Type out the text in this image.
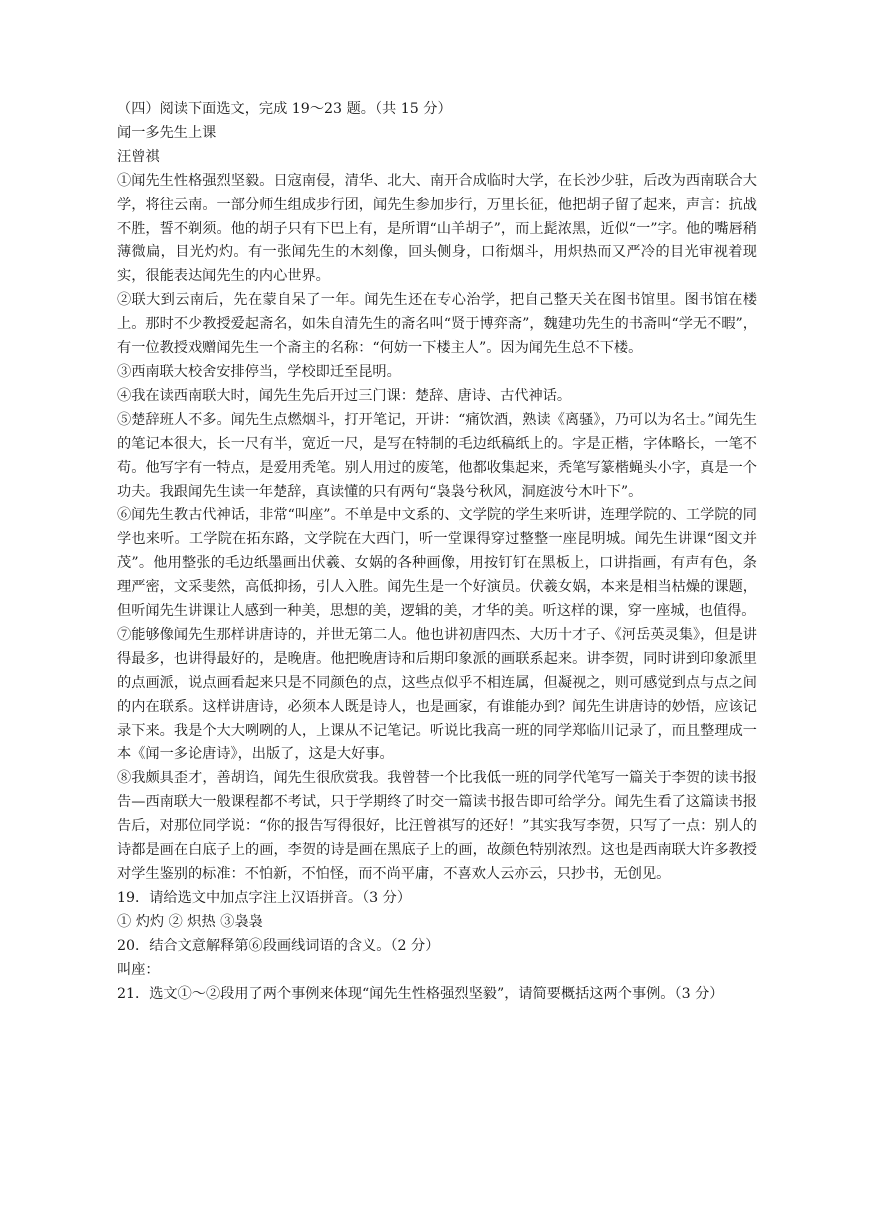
（四）阅读下面选文，完成 19～23 题。（共 15 分）

闻一多先生上课

汪曾祺

①闻先生性格强烈坚毅。日寇南侵，清华、北大、南开合成临时大学，在长沙少驻，后改为西南联合大学，将往云南。一部分师生组成步行团，闻先生参加步行，万里长征，他把胡子留了起来，声言：抗战不胜，誓不剃须。他的胡子只有下巴上有，是所谓“山羊胡子”，而上髭浓黑，近似“一”字。他的嘴唇稍薄微扁，目光灼灼。有一张闻先生的木刻像，回头侧身，口衔烟斗，用炽热而又严冷的目光审视着现实，很能表达闻先生的内心世界。

②联大到云南后，先在蒙自呆了一年。闻先生还在专心治学，把自己整天关在图书馆里。图书馆在楼上。那时不少教授爱起斋名，如朱自清先生的斋名叫“贤于博弈斋”，魏建功先生的书斋叫“学无不暇”，有一位教授戏赠闻先生一个斋主的名称：“何妨一下楼主人”。因为闻先生总不下楼。

③西南联大校舍安排停当，学校即迁至昆明。

④我在读西南联大时，闻先生先后开过三门课：楚辞、唐诗、古代神话。

⑤楚辞班人不多。闻先生点燃烟斗，打开笔记，开讲：“痛饮酒，熟读《离骚》，乃可以为名士。”闻先生的笔记本很大，长一尺有半，宽近一尺，是写在特制的毛边纸稿纸上的。字是正楷，字体略长，一笔不苟。他写字有一特点，是爱用秃笔。别人用过的废笔，他都收集起来，秃笔写篆楷蝇头小字，真是一个功夫。我跟闻先生读一年楚辞，真读懂的只有两句“袅袅兮秋风，洞庭波兮木叶下”。

⑥闻先生教古代神话，非常“叫座”。不单是中文系的、文学院的学生来听讲，连理学院的、工学院的同学也来听。工学院在拓东路，文学院在大西门，听一堂课得穿过整整一座昆明城。闻先生讲课“图文并茂”。他用整张的毛边纸墨画出伏羲、女娲的各种画像，用按钉钉在黑板上，口讲指画，有声有色，条理严密，文采斐然，高低抑扬，引人入胜。闻先生是一个好演员。伏羲女娲，本来是相当枯燥的课题，但听闻先生讲课让人感到一种美，思想的美，逻辑的美，才华的美。听这样的课，穿一座城，也值得。

⑦能够像闻先生那样讲唐诗的，并世无第二人。他也讲初唐四杰、大历十才子、《河岳英灵集》，但是讲得最多，也讲得最好的，是晚唐。他把晚唐诗和后期印象派的画联系起来。讲李贺，同时讲到印象派里的点画派，说点画看起来只是不同颜色的点，这些点似乎不相连属，但凝视之，则可感觉到点与点之间的内在联系。这样讲唐诗，必须本人既是诗人，也是画家，有谁能办到？闻先生讲唐诗的妙悟，应该记录下来。我是个大大咧咧的人，上课从不记笔记。听说比我高一班的同学郑临川记录了，而且整理成一本《闻一多论唐诗》，出版了，这是大好事。

⑧我颇具歪才，善胡诌，闻先生很欣赏我。我曾替一个比我低一班的同学代笔写一篇关于李贺的读书报告—西南联大一般课程都不考试，只于学期终了时交一篇读书报告即可给学分。闻先生看了这篇读书报告后，对那位同学说：“你的报告写得很好，比汪曾祺写的还好！”其实我写李贺，只写了一点：别人的诗都是画在白底子上的画，李贺的诗是画在黑底子上的画，故颜色特别浓烈。这也是西南联大许多教授对学生鉴别的标准：不怕新，不怕怪，而不尚平庸，不喜欢人云亦云，只抄书，无创见。

19．请给选文中加点字注上汉语拼音。（3 分）

① 灼灼 ② 炽热 ③袅袅

20．结合文意解释第⑥段画线词语的含义。（2 分）

叫座：

21．选文①～②段用了两个事例来体现“闻先生性格强烈坚毅”，请简要概括这两个事例。（3 分）
